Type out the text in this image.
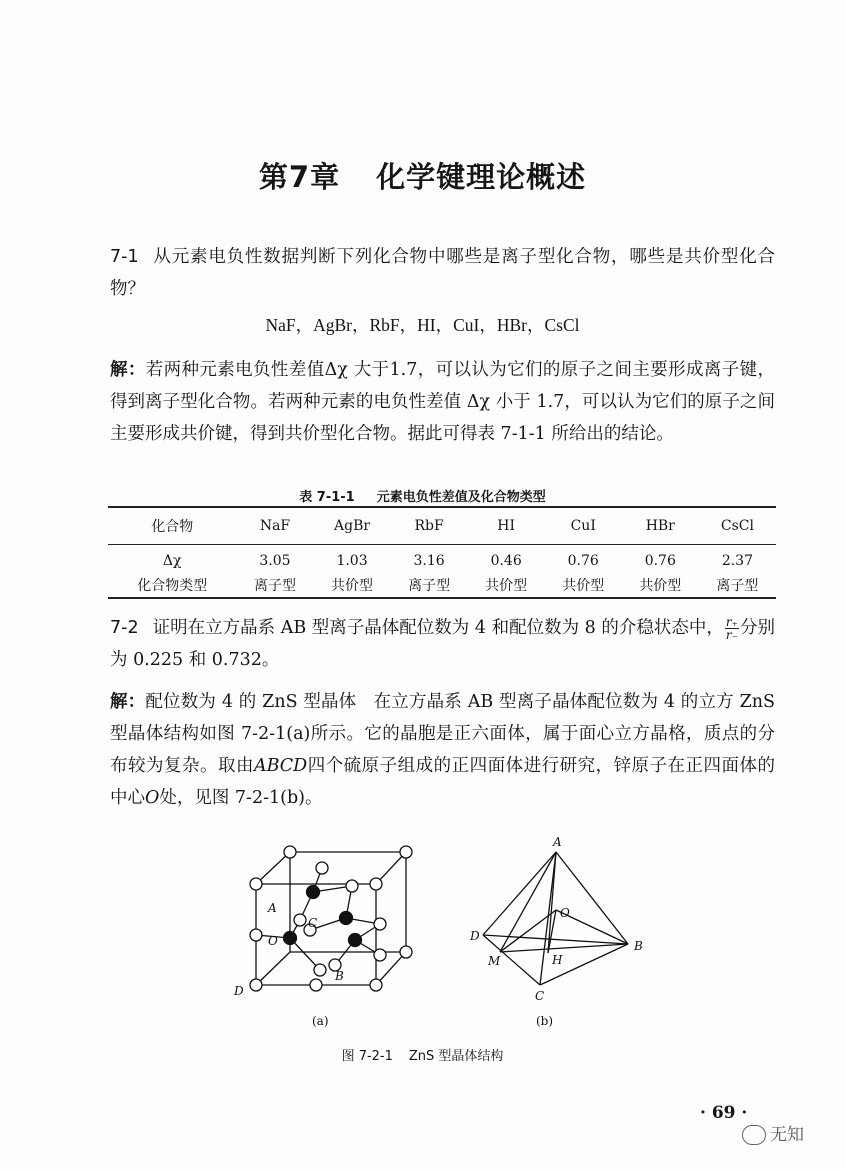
第7章 化学键理论概述
7-1 从元素电负性数据判断下列化合物中哪些是离子型化合物，哪些是共价型化合物？
NaF，AgBr，RbF，HI，CuI，HBr，CsCl
解：若两种元素电负性差值Δχ 大于1.7，可以认为它们的原子之间主要形成离子键，得到离子型化合物。若两种元素的电负性差值 Δχ 小于 1.7，可以认为它们的原子之间主要形成共价键，得到共价型化合物。据此可得表 7-1-1 所给出的结论。
表 7-1-1 元素电负性差值及化合物类型
化合物	NaF	AgBr	RbF	HI	CuI	HBr	CsCl
Δχ	3.05	1.03	3.16	0.46	0.76	0.76	2.37
化合物类型	离子型	共价型	离子型	共价型	共价型	共价型	离子型
7-2 证明在立方晶系 AB 型离子晶体配位数为 4 和配位数为 8 的介稳状态中， $\frac{r_+}{r_-}$ 分别为 0.225 和 0.732。
解：配位数为 4 的 ZnS 型晶体 在立方晶系 AB 型离子晶体配位数为 4 的立方 ZnS 型晶体结构如图 7-2-1(a)所示。它的晶胞是正六面体，属于面心立方晶格，质点的分布较为复杂。取由ABCD四个硫原子组成的正四面体进行研究，锌原子在正四面体的中心O处，见图 7-2-1(b)。
A
C
O
B
D
(a)
A
O
D
B
M	H
C
(b)
图 7-2-1 ZnS 型晶体结构
· 69 ·
无知
